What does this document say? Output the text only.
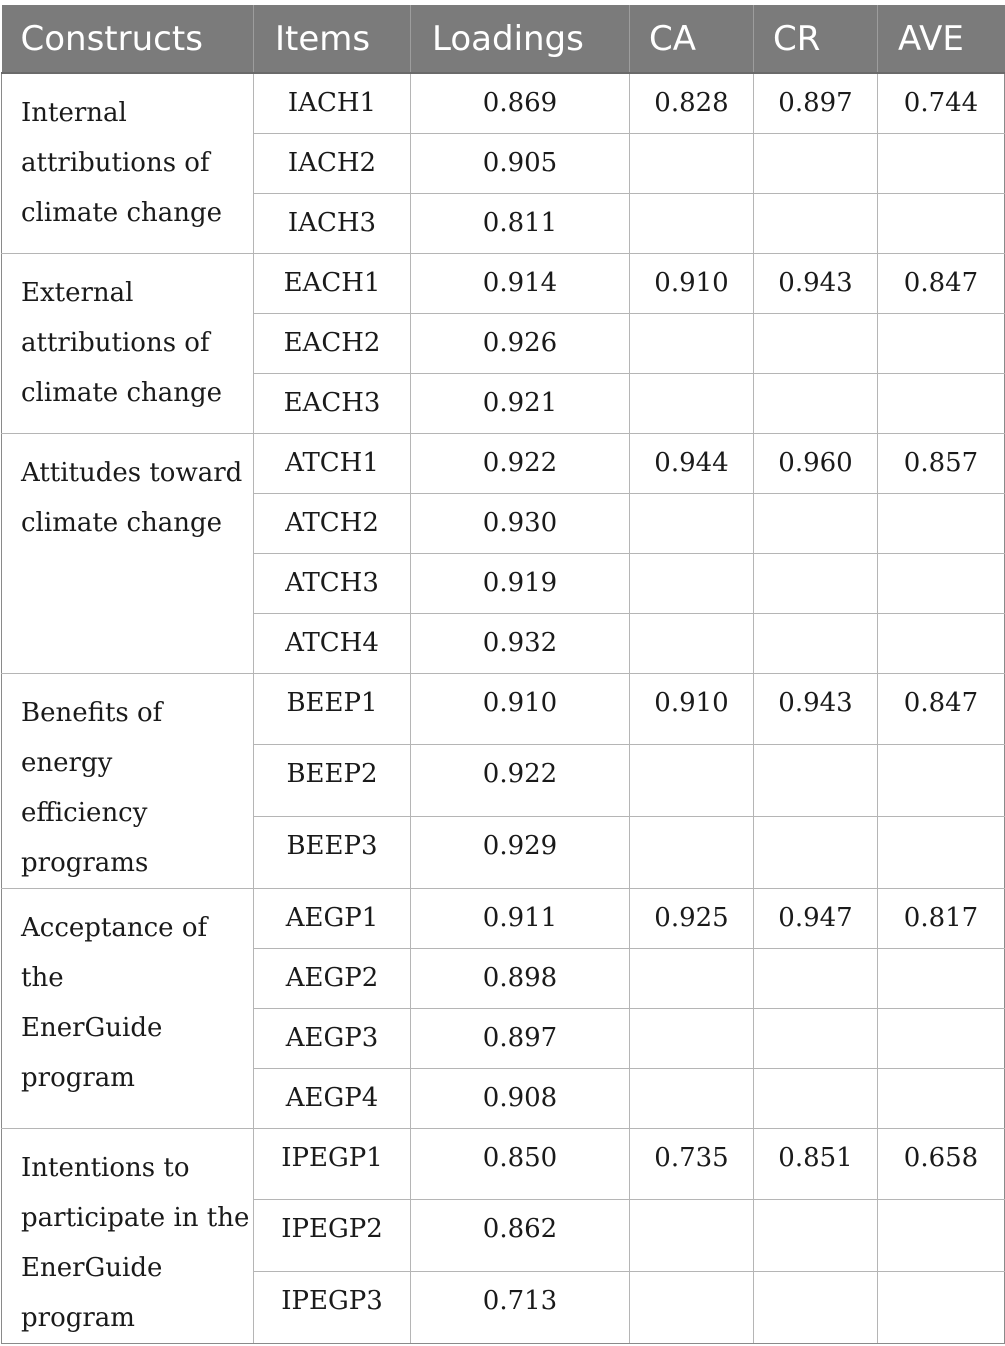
Constructs	Items	Loadings	CA	CR	AVE

Internal
attributions of
climate change	IACH1	0.869	0.828	0.897	0.744
	IACH2	0.905			
	IACH3	0.811			

External
attributions of
climate change	EACH1	0.914	0.910	0.943	0.847
	EACH2	0.926			
	EACH3	0.921			

Attitudes toward
climate change	ATCH1	0.922	0.944	0.960	0.857
	ATCH2	0.930			
	ATCH3	0.919			
	ATCH4	0.932			

Benefits of energy
efficiency
programs	BEEP1	0.910	0.910	0.943	0.847
	BEEP2	0.922			
	BEEP3	0.929			

Acceptance of the
EnerGuide
program	AEGP1	0.911	0.925	0.947	0.817
	AEGP2	0.898			
	AEGP3	0.897			
	AEGP4	0.908			

Intentions to
participate in the
EnerGuide
program	IPEGP1	0.850	0.735	0.851	0.658
	IPEGP2	0.862			
	IPEGP3	0.713			
